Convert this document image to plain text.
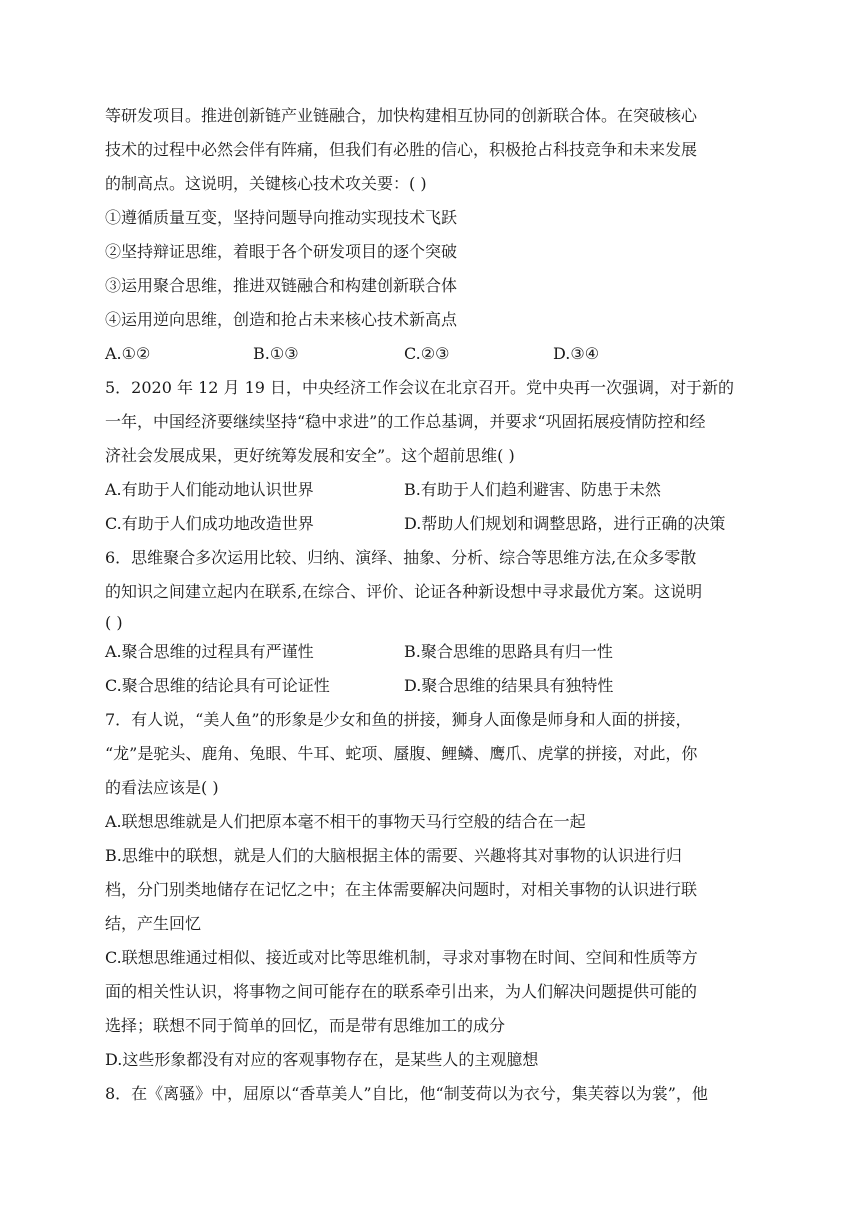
等研发项目。推进创新链产业链融合，加快构建相互协同的创新联合体。在突破核心
技术的过程中必然会伴有阵痛，但我们有必胜的信心，积极抢占科技竞争和未来发展
的制高点。这说明，关键核心技术攻关要：( )
①遵循质量互变，坚持问题导向推动实现技术飞跃
②坚持辩证思维，着眼于各个研发项目的逐个突破
③运用聚合思维，推进双链融合和构建创新联合体
④运用逆向思维，创造和抢占未来核心技术新高点
A.①②	B.①③	C.②③	D.③④
5．2020 年 12 月 19 日，中央经济工作会议在北京召开。党中央再一次强调，对于新的
一年，中国经济要继续坚持“稳中求进”的工作总基调，并要求“巩固拓展疫情防控和经
济社会发展成果，更好统筹发展和安全”。这个超前思维( )
A.有助于人们能动地认识世界	B.有助于人们趋利避害、防患于未然
C.有助于人们成功地改造世界	D.帮助人们规划和调整思路，进行正确的决策
6．思维聚合多次运用比较、归纳、演绎、抽象、分析、综合等思维方法,在众多零散
的知识之间建立起内在联系,在综合、评价、论证各种新设想中寻求最优方案。这说明
( )
A.聚合思维的过程具有严谨性	B.聚合思维的思路具有归一性
C.聚合思维的结论具有可论证性	D.聚合思维的结果具有独特性
7．有人说，“美人鱼”的形象是少女和鱼的拼接，狮身人面像是师身和人面的拼接，
“龙”是驼头、鹿角、兔眼、牛耳、蛇项、蜃腹、鲤鳞、鹰爪、虎掌的拼接，对此，你
的看法应该是( )
A.联想思维就是人们把原本毫不相干的事物天马行空般的结合在一起
B.思维中的联想，就是人们的大脑根据主体的需要、兴趣将其对事物的认识进行归
档，分门别类地储存在记忆之中；在主体需要解决问题时，对相关事物的认识进行联
结，产生回忆
C.联想思维通过相似、接近或对比等思维机制，寻求对事物在时间、空间和性质等方
面的相关性认识，将事物之间可能存在的联系牵引出来，为人们解决问题提供可能的
选择；联想不同于简单的回忆，而是带有思维加工的成分
D.这些形象都没有对应的客观事物存在，是某些人的主观臆想
8．在《离骚》中，屈原以“香草美人”自比，他“制芰荷以为衣兮，集芙蓉以为裳”，他
